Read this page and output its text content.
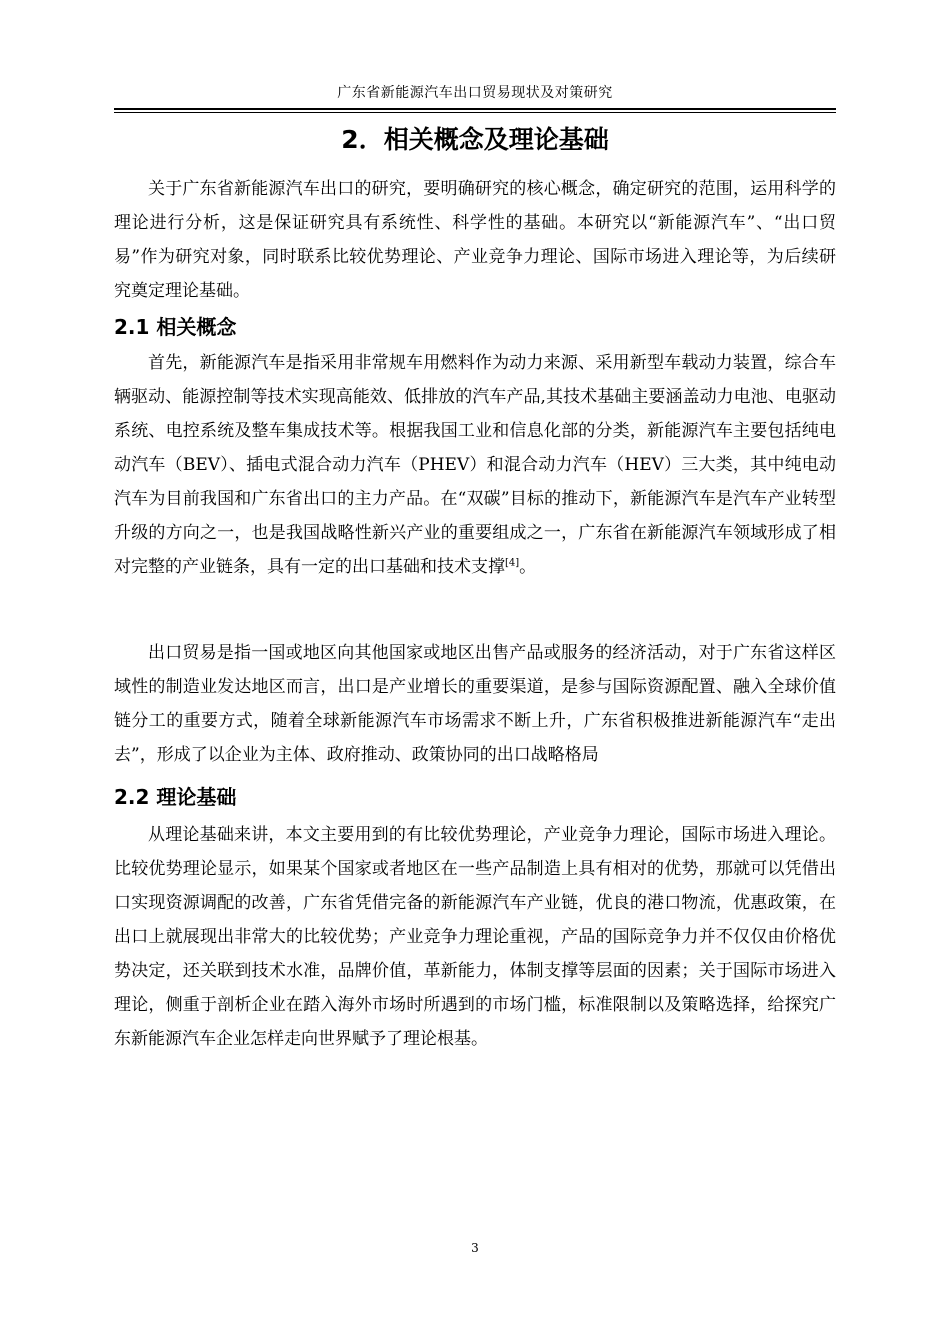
广东省新能源汽车出口贸易现状及对策研究
2．相关概念及理论基础

关于广东省新能源汽车出口的研究，要明确研究的核心概念，确定研究的范围，运用科学的理论进行分析，这是保证研究具有系统性、科学性的基础。本研究以“新能源汽车”、“出口贸易”作为研究对象，同时联系比较优势理论、产业竞争力理论、国际市场进入理论等，为后续研究奠定理论基础。

2.1 相关概念

首先，新能源汽车是指采用非常规车用燃料作为动力来源、采用新型车载动力装置，综合车辆驱动、能源控制等技术实现高能效、低排放的汽车产品,其技术基础主要涵盖动力电池、电驱动系统、电控系统及整车集成技术等。根据我国工业和信息化部的分类，新能源汽车主要包括纯电动汽车（BEV）、插电式混合动力汽车（PHEV）和混合动力汽车（HEV）三大类，其中纯电动汽车为目前我国和广东省出口的主力产品。在“双碳”目标的推动下，新能源汽车是汽车产业转型升级的方向之一，也是我国战略性新兴产业的重要组成之一，广东省在新能源汽车领域形成了相对完整的产业链条，具有一定的出口基础和技术支撑[4]。

出口贸易是指一国或地区向其他国家或地区出售产品或服务的经济活动，对于广东省这样区域性的制造业发达地区而言，出口是产业增长的重要渠道，是参与国际资源配置、融入全球价值链分工的重要方式，随着全球新能源汽车市场需求不断上升，广东省积极推进新能源汽车“走出去”，形成了以企业为主体、政府推动、政策协同的出口战略格局

2.2 理论基础

从理论基础来讲，本文主要用到的有比较优势理论，产业竞争力理论，国际市场进入理论。比较优势理论显示，如果某个国家或者地区在一些产品制造上具有相对的优势，那就可以凭借出口实现资源调配的改善，广东省凭借完备的新能源汽车产业链，优良的港口物流，优惠政策，在出口上就展现出非常大的比较优势；产业竞争力理论重视，产品的国际竞争力并不仅仅由价格优势决定，还关联到技术水准，品牌价值，革新能力，体制支撑等层面的因素；关于国际市场进入理论，侧重于剖析企业在踏入海外市场时所遇到的市场门槛，标准限制以及策略选择，给探究广东新能源汽车企业怎样走向世界赋予了理论根基。

3
